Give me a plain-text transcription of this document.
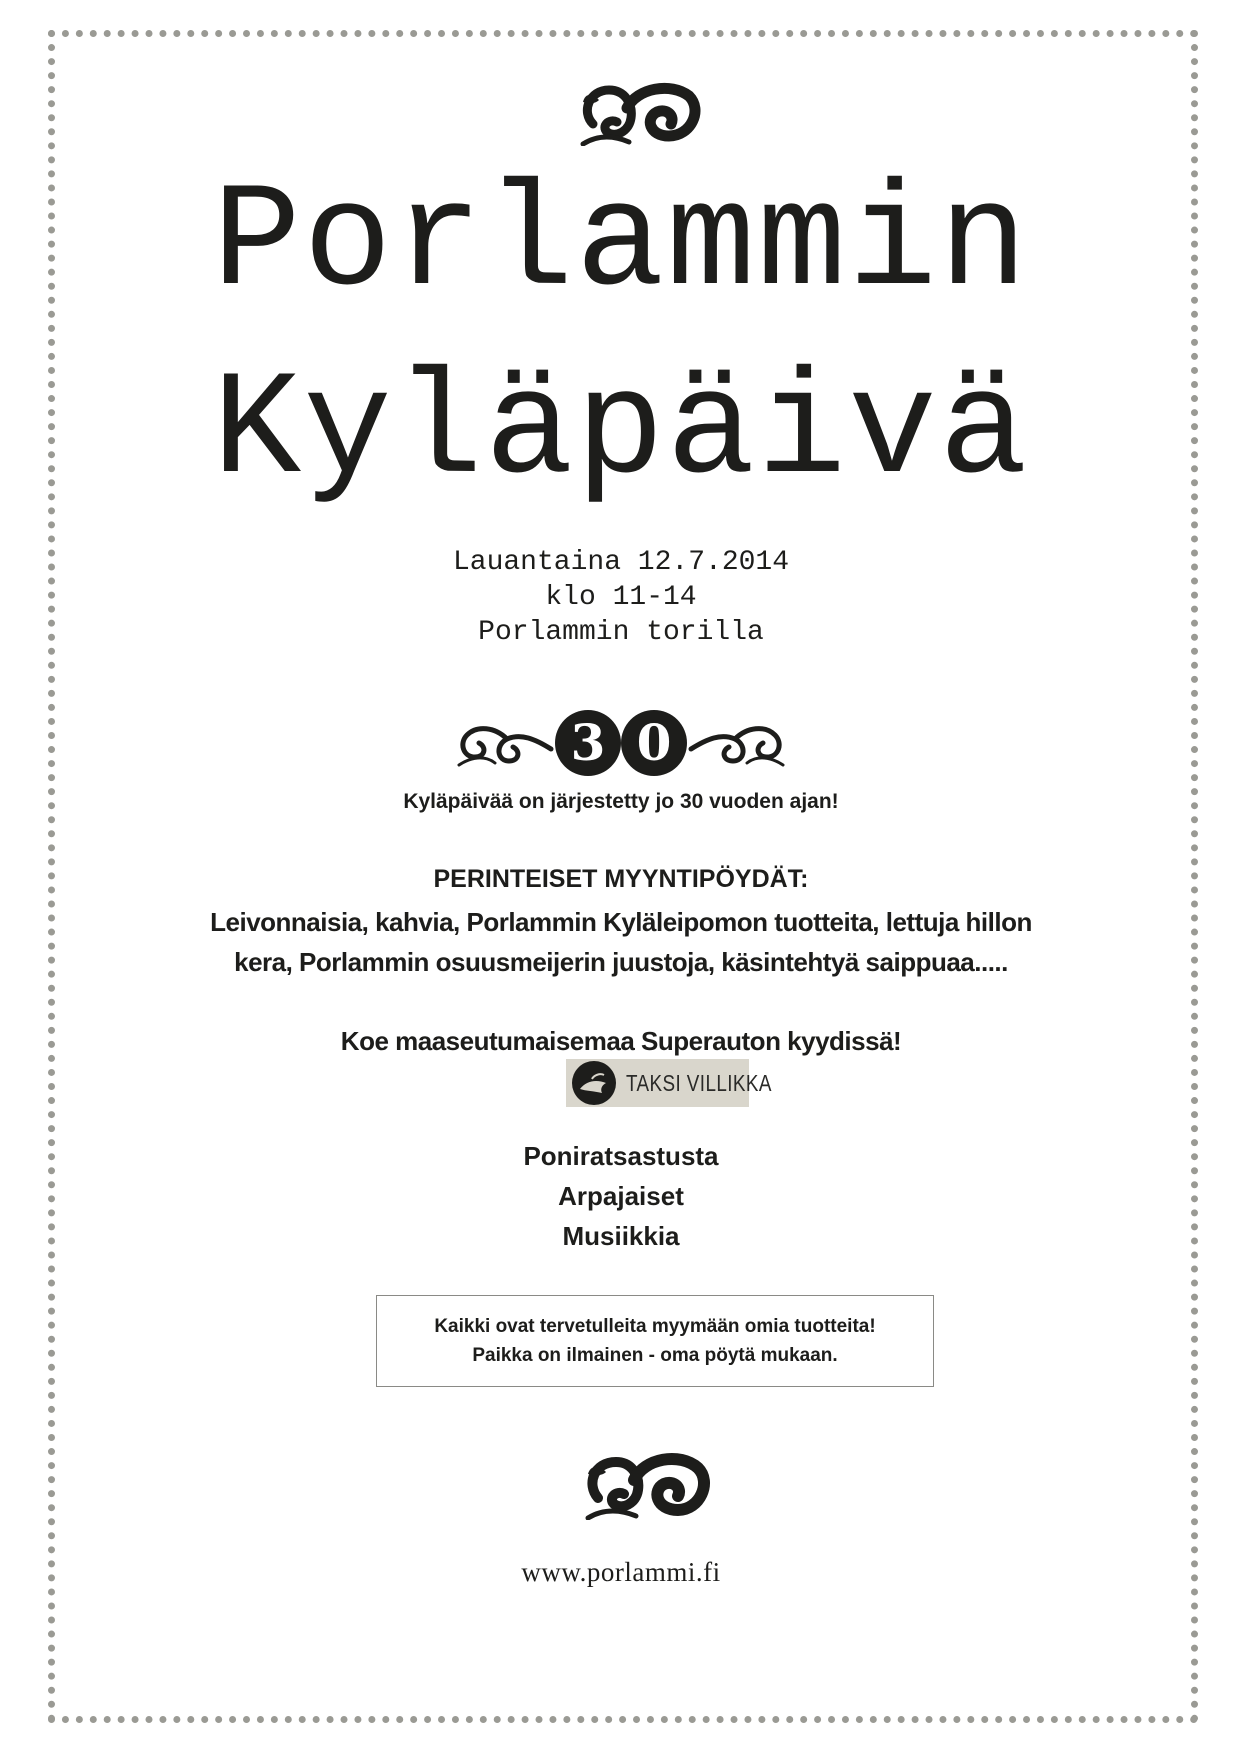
Porlammin
Kyläpäivä
Lauantaina 12.7.2014
klo 11-14
Porlammin torilla
3 0
Kyläpäivää on järjestetty jo 30 vuoden ajan!
PERINTEISET MYYNTIPÖYDÄT:
Leivonnaisia, kahvia, Porlammin Kyläleipomon tuotteita, lettuja hillon
kera, Porlammin osuusmeijerin juustoja, käsintehtyä saippuaa.....
Koe maaseutumaisemaa Superauton kyydissä!
TAKSI VILLIKKA
Poniratsastusta
Arpajaiset
Musiikkia
Kaikki ovat tervetulleita myymään omia tuotteita!
Paikka on ilmainen - oma pöytä mukaan.
www.porlammi.fi
